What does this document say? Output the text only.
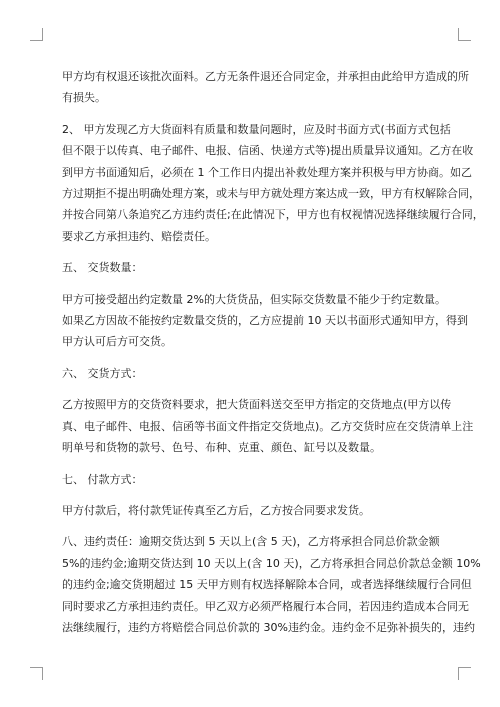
甲方均有权退还该批次面料。乙方无条件退还合同定金，并承担由此给甲方造成的所
有损失。
2、 甲方发现乙方大货面料有质量和数量问题时，应及时书面方式(书面方式包括
但不限于以传真、电子邮件、电报、信函、快递方式等)提出质量异议通知。乙方在收
到甲方书面通知后，必须在 1 个工作日内提出补救处理方案并积极与甲方协商。如乙
方过期拒不提出明确处理方案，或未与甲方就处理方案达成一致，甲方有权解除合同，
并按合同第八条追究乙方违约责任;在此情况下，甲方也有权视情况选择继续履行合同，
要求乙方承担违约、赔偿责任。
五、 交货数量：
甲方可接受超出约定数量 2%的大货货品，但实际交货数量不能少于约定数量。
如果乙方因故不能按约定数量交货的，乙方应提前 10 天以书面形式通知甲方，得到
甲方认可后方可交货。
六、 交货方式：
乙方按照甲方的交货资料要求，把大货面料送交至甲方指定的交货地点(甲方以传
真、电子邮件、电报、信函等书面文件指定交货地点)。乙方交货时应在交货清单上注
明单号和货物的款号、色号、布种、克重、颜色、缸号以及数量。
七、 付款方式：
甲方付款后，将付款凭证传真至乙方后，乙方按合同要求发货。
八、违约责任：逾期交货达到 5 天以上(含 5 天)，乙方将承担合同总价款金额
5%的违约金;逾期交货达到 10 天以上(含 10 天)，乙方将承担合同总价款总金额 10%
的违约金;逾交货期超过 15 天甲方则有权选择解除本合同，或者选择继续履行合同但
同时要求乙方承担违约责任。甲乙双方必须严格履行本合同，若因违约造成本合同无
法继续履行，违约方将赔偿合同总价款的 30%违约金。违约金不足弥补损失的，违约
